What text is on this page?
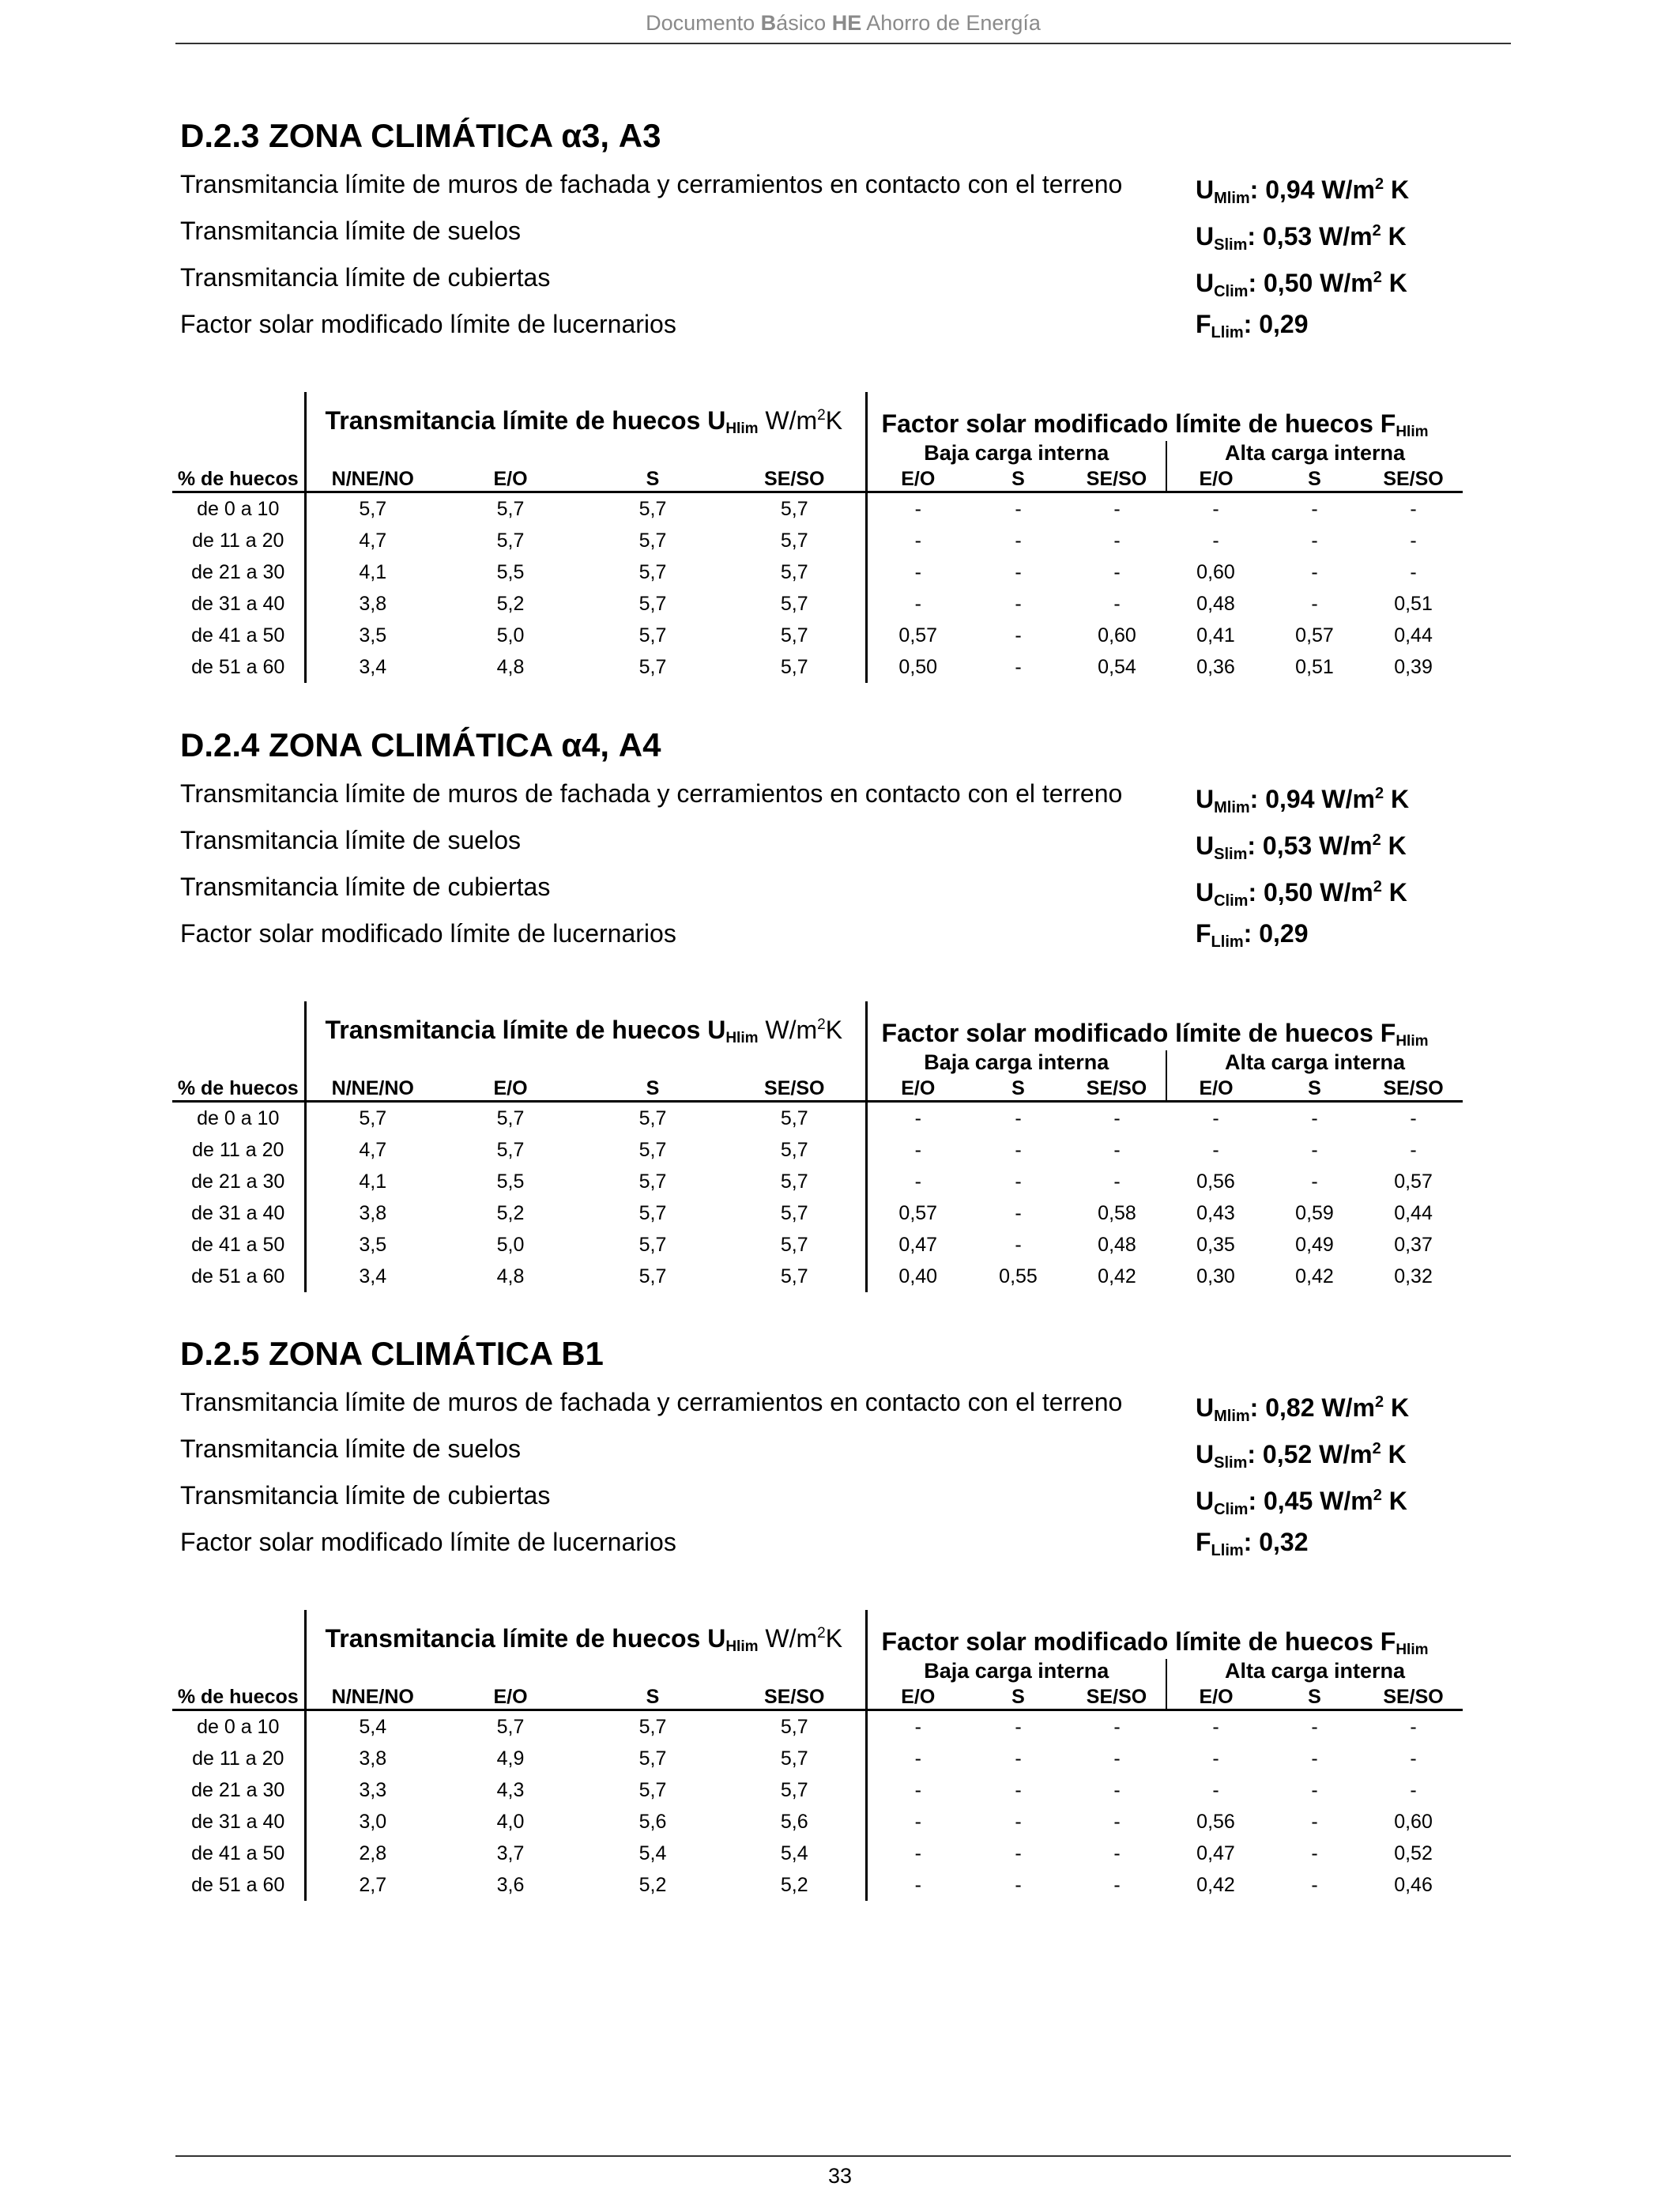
Documento Básico HE Ahorro de Energía
D.2.3 ZONA CLIMÁTICA α3, A3
Transmitancia límite de muros de fachada y cerramientos en contacto con el terreno	$U_{Mlim}$: 0,94 $W/m^2$ K
Transmitancia límite de suelos	$U_{Slim}$: 0,53 $W/m^2$ K
Transmitancia límite de cubiertas	$U_{Clim}$: 0,50 $W/m^2$ K
Factor solar modificado límite de lucernarios	$F_{Llim}$: 0,29
	Transmitancia límite de huecos $U_{Hlim}$ $W/m^2K$				Factor solar modificado límite de huecos $F_{Hlim}$
					Baja carga interna			Alta carga interna		
% de huecos	N/NE/NO	E/O	S	SE/SO	E/O	S	SE/SO	E/O	S	SE/SO
de 0 a 10	5,7	5,7	5,7	5,7	-	-	-	-	-	-
de 11 a 20	4,7	5,7	5,7	5,7	-	-	-	-	-	-
de 21 a 30	4,1	5,5	5,7	5,7	-	-	-	0,60	-	-
de 31 a 40	3,8	5,2	5,7	5,7	-	-	-	0,48	-	0,51
de 41 a 50	3,5	5,0	5,7	5,7	0,57	-	0,60	0,41	0,57	0,44
de 51 a 60	3,4	4,8	5,7	5,7	0,50	-	0,54	0,36	0,51	0,39
D.2.4 ZONA CLIMÁTICA α4, A4
Transmitancia límite de muros de fachada y cerramientos en contacto con el terreno	$U_{Mlim}$: 0,94 $W/m^2$ K
Transmitancia límite de suelos	$U_{Slim}$: 0,53 $W/m^2$ K
Transmitancia límite de cubiertas	$U_{Clim}$: 0,50 $W/m^2$ K
Factor solar modificado límite de lucernarios	$F_{Llim}$: 0,29
	Transmitancia límite de huecos $U_{Hlim}$ $W/m^2K$				Factor solar modificado límite de huecos $F_{Hlim}$
					Baja carga interna			Alta carga interna		
% de huecos	N/NE/NO	E/O	S	SE/SO	E/O	S	SE/SO	E/O	S	SE/SO
de 0 a 10	5,7	5,7	5,7	5,7	-	-	-	-	-	-
de 11 a 20	4,7	5,7	5,7	5,7	-	-	-	-	-	-
de 21 a 30	4,1	5,5	5,7	5,7	-	-	-	0,56	-	0,57
de 31 a 40	3,8	5,2	5,7	5,7	0,57	-	0,58	0,43	0,59	0,44
de 41 a 50	3,5	5,0	5,7	5,7	0,47	-	0,48	0,35	0,49	0,37
de 51 a 60	3,4	4,8	5,7	5,7	0,40	0,55	0,42	0,30	0,42	0,32
D.2.5 ZONA CLIMÁTICA B1
Transmitancia límite de muros de fachada y cerramientos en contacto con el terreno	$U_{Mlim}$: 0,82 $W/m^2$ K
Transmitancia límite de suelos	$U_{Slim}$: 0,52 $W/m^2$ K
Transmitancia límite de cubiertas	$U_{Clim}$: 0,45 $W/m^2$ K
Factor solar modificado límite de lucernarios	$F_{Llim}$: 0,32
	Transmitancia límite de huecos $U_{Hlim}$ $W/m^2K$				Factor solar modificado límite de huecos $F_{Hlim}$
					Baja carga interna			Alta carga interna		
% de huecos	N/NE/NO	E/O	S	SE/SO	E/O	S	SE/SO	E/O	S	SE/SO
de 0 a 10	5,4	5,7	5,7	5,7	-	-	-	-	-	-
de 11 a 20	3,8	4,9	5,7	5,7	-	-	-	-	-	-
de 21 a 30	3,3	4,3	5,7	5,7	-	-	-	-	-	-
de 31 a 40	3,0	4,0	5,6	5,6	-	-	-	0,56	-	0,60
de 41 a 50	2,8	3,7	5,4	5,4	-	-	-	0,47	-	0,52
de 51 a 60	2,7	3,6	5,2	5,2	-	-	-	0,42	-	0,46
33
